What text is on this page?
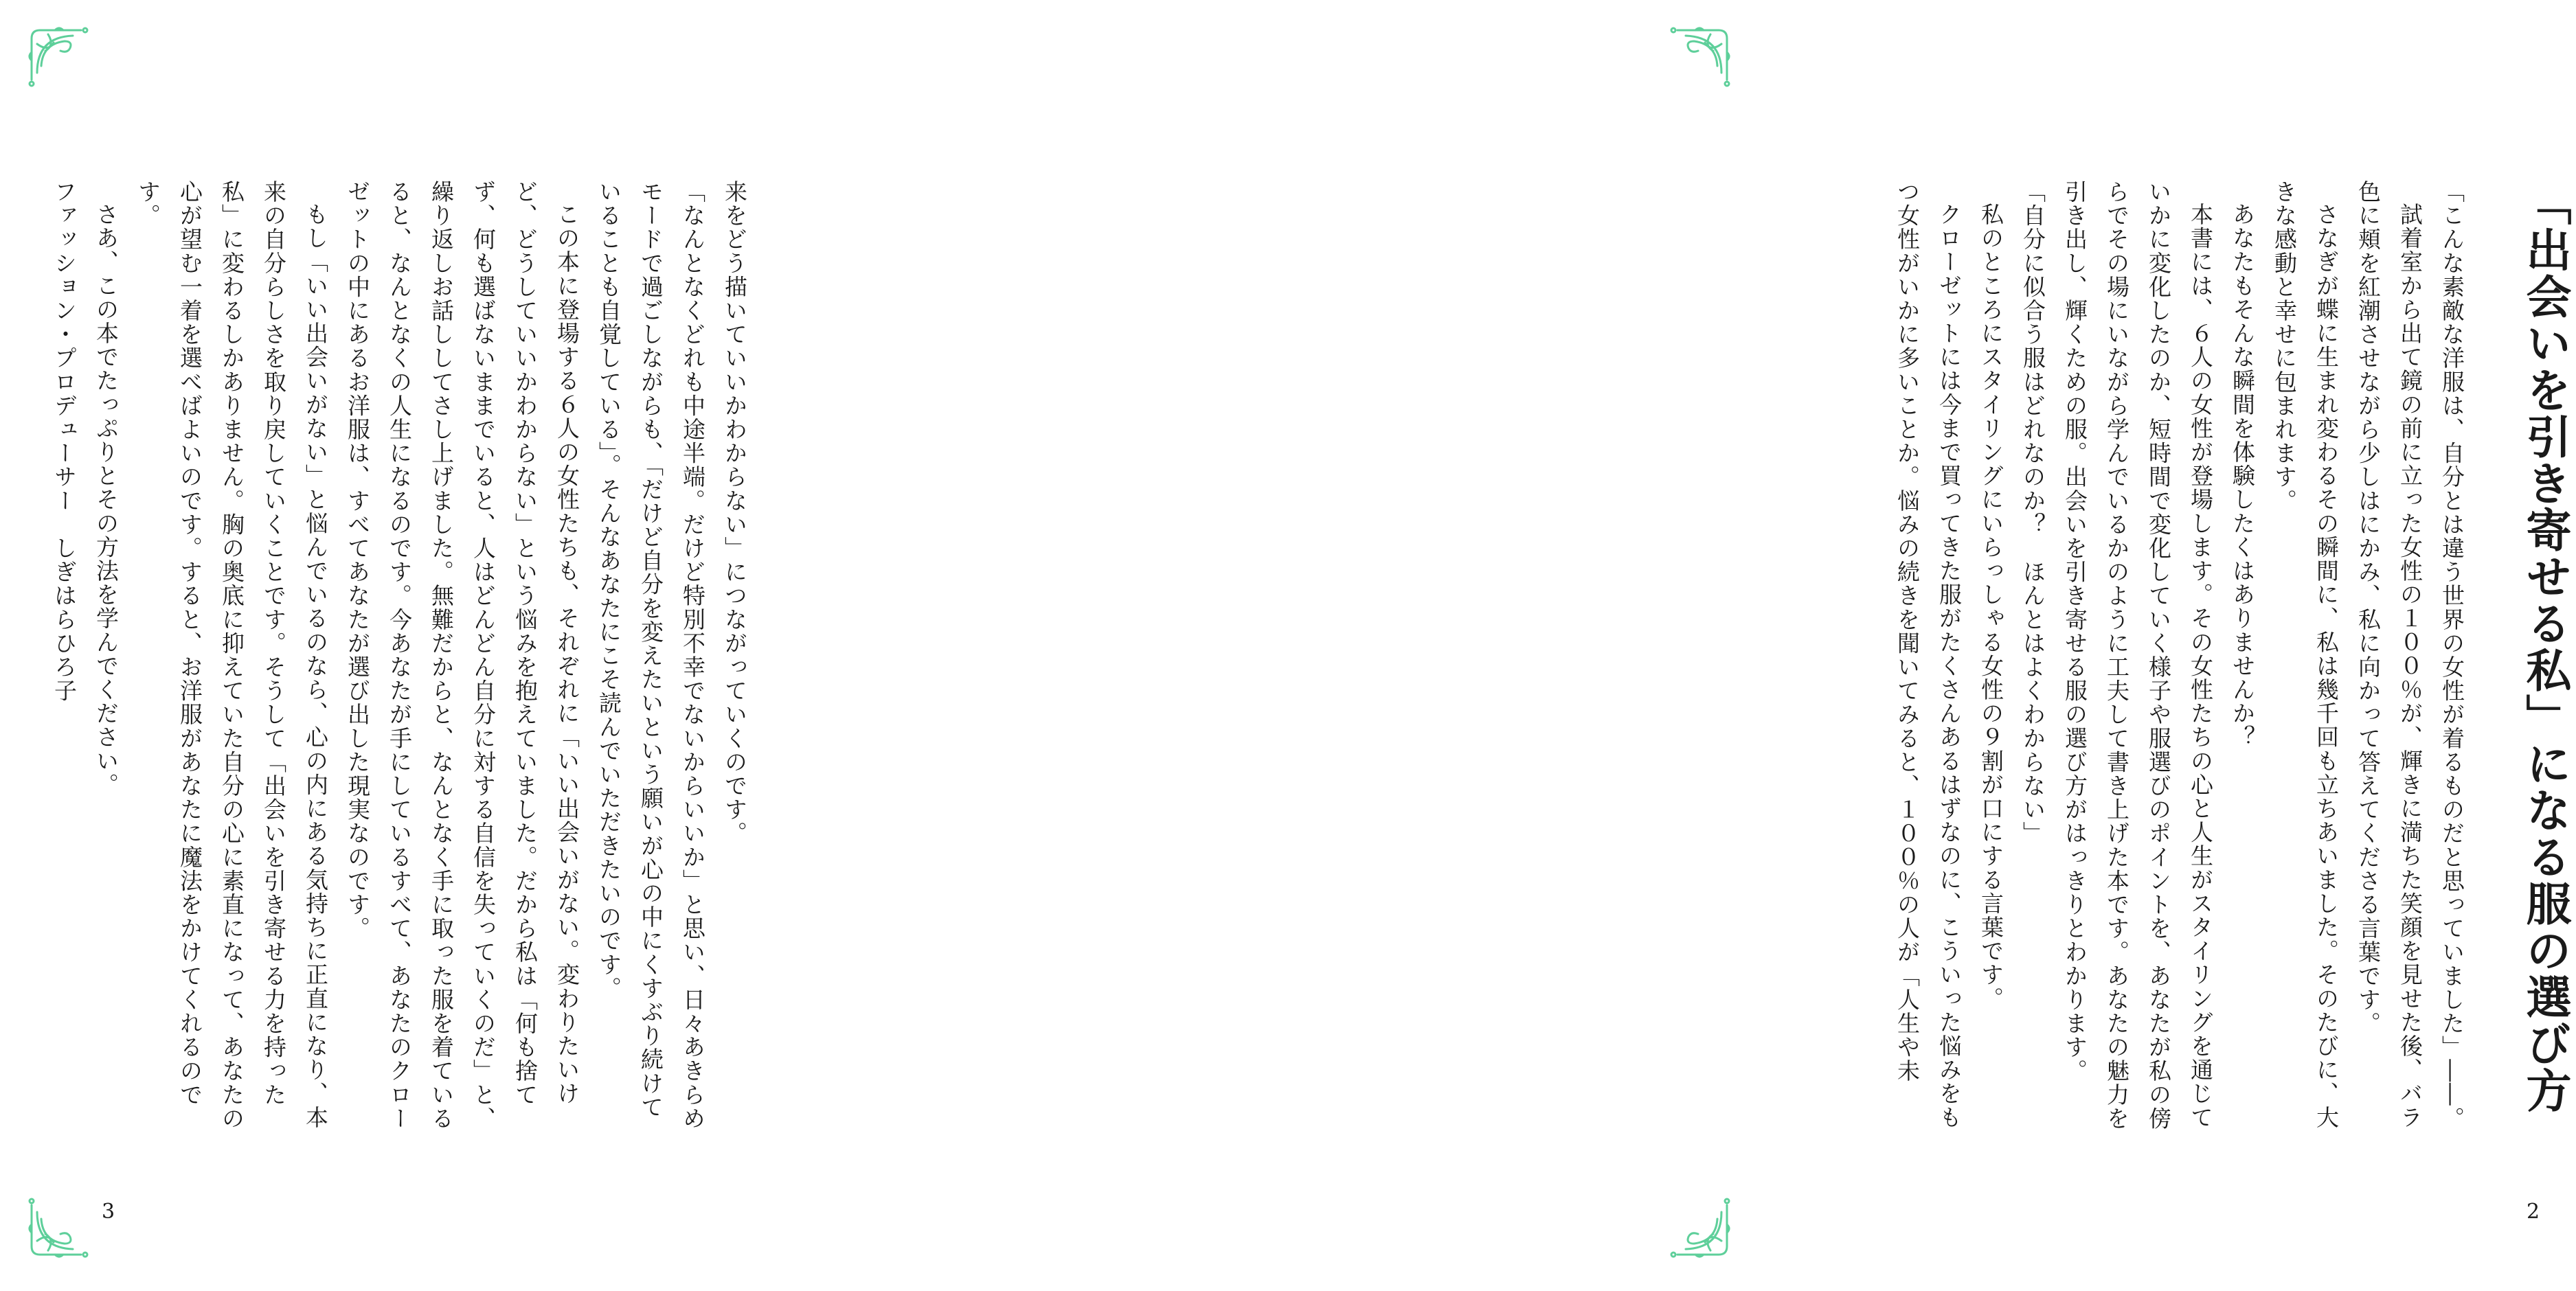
来をどう描いていいかわからない」につながっていくのです。

「なんとなくどれも中途半端。だけど特別不幸でないからいいか」と思い、日々あきらめモードで過ごしながらも、「だけど自分を変えたいという願いが心の中にくすぶり続けていることも自覚している」。そんなあなたにこそ読んでいただきたいのです。

この本に登場する６人の女性たちも、それぞれに「いい出会いがない。変わりたいけど、どうしていいかわからない」という悩みを抱えていました。だから私は「何も捨てず、何も選ばないままでいると、人はどんどん自分に対する自信を失っていくのだ」と、繰り返しお話ししてさし上げました。無難だからと、なんとなく手に取った服を着ているると、なんとなくの人生になるのです。今あなたが手にしているすべて、あなたのクローゼットの中にあるお洋服は、すべてあなたが選び出した現実なのです。

もし「いい出会いがない」と悩んでいるのなら、心の内にある気持ちに正直になり、本来の自分らしさを取り戻していくことです。そうして「出会いを引き寄せる力を持った私」に変わるしかありません。胸の奥底に抑えていた自分の心に素直になって、あなたの心が望む一着を選べばよいのです。すると、お洋服があなたに魔法をかけてくれるのです。

さあ、この本でたっぷりとその方法を学んでください。

ファッション・プロデューサー　しぎはらひろ子

3
「出会いを引き寄せる私」になる服の選び方

「こんな素敵な洋服は、自分とは違う世界の女性が着るものだと思っていました」――。

試着室から出て鏡の前に立った女性の１００％が、輝きに満ちた笑顔を見せた後、バラ色に頬を紅潮させながら少しはにかみ、私に向かって答えてくださる言葉です。

さなぎが蝶に生まれ変わるその瞬間に、私は幾千回も立ちあいました。そのたびに、大きな感動と幸せに包まれます。

あなたもそんな瞬間を体験したくはありませんか？

本書には、６人の女性が登場します。その女性たちの心と人生がスタイリングを通じていかに変化したのか、短時間で変化していく様子や服選びのポイントを、あなたが私の傍らでその場にいながら学んでいるかのように工夫して書き上げた本です。あなたの魅力を引き出し、輝くための服。出会いを引き寄せる服の選び方がはっきりとわかります。

「自分に似合う服はどれなのか？　ほんとはよくわからない」

私のところにスタイリングにいらっしゃる女性の９割が口にする言葉です。

クローゼットには今まで買ってきた服がたくさんあるはずなのに、こういった悩みをもつ女性がいかに多いことか。悩みの続きを聞いてみると、１００％の人が「人生や未

2
